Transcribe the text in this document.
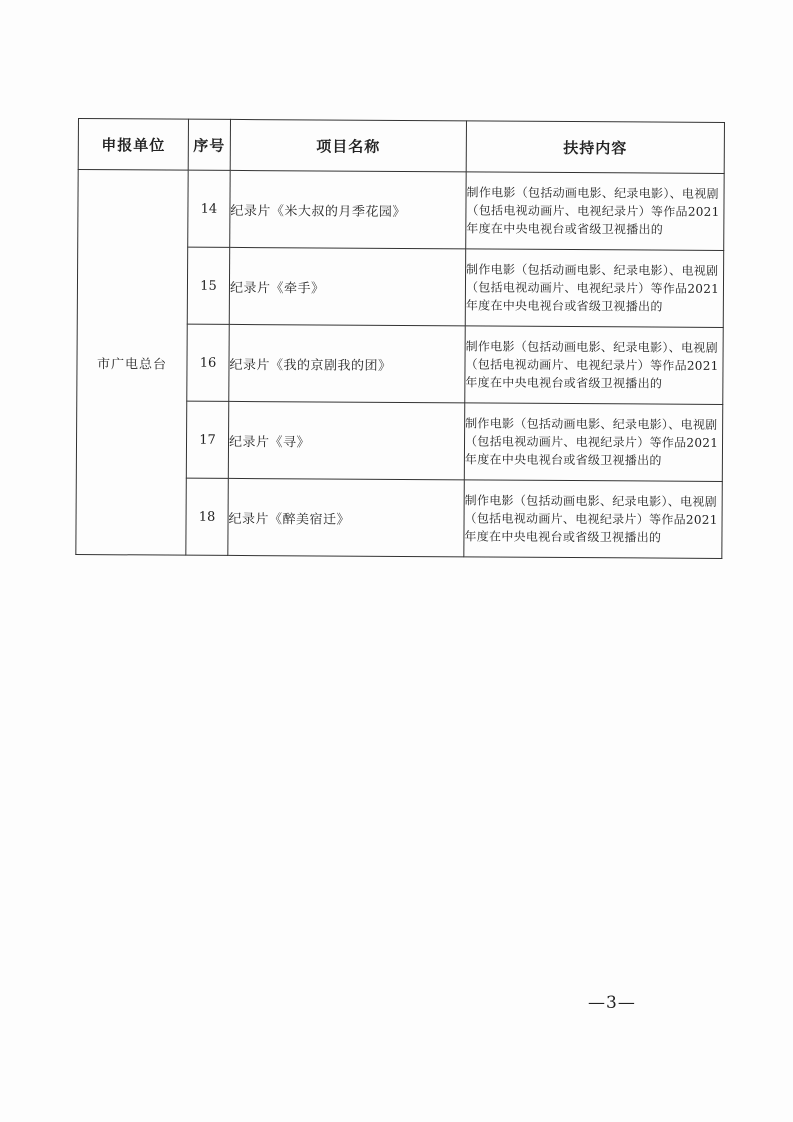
申报单位	序号	项目名称	扶持内容
市广电总台	14	纪录片《米大叔的月季花园》	制作电影（包括动画电影、纪录电影）、电视剧（包括电视动画片、电视纪录片）等作品2021年度在中央电视台或省级卫视播出的
	15	纪录片《牵手》	制作电影（包括动画电影、纪录电影）、电视剧（包括电视动画片、电视纪录片）等作品2021年度在中央电视台或省级卫视播出的
	16	纪录片《我的京剧我的团》	制作电影（包括动画电影、纪录电影）、电视剧（包括电视动画片、电视纪录片）等作品2021年度在中央电视台或省级卫视播出的
	17	纪录片《寻》	制作电影（包括动画电影、纪录电影）、电视剧（包括电视动画片、电视纪录片）等作品2021年度在中央电视台或省级卫视播出的
	18	纪录片《醉美宿迁》	制作电影（包括动画电影、纪录电影）、电视剧（包括电视动画片、电视纪录片）等作品2021年度在中央电视台或省级卫视播出的
—3—
